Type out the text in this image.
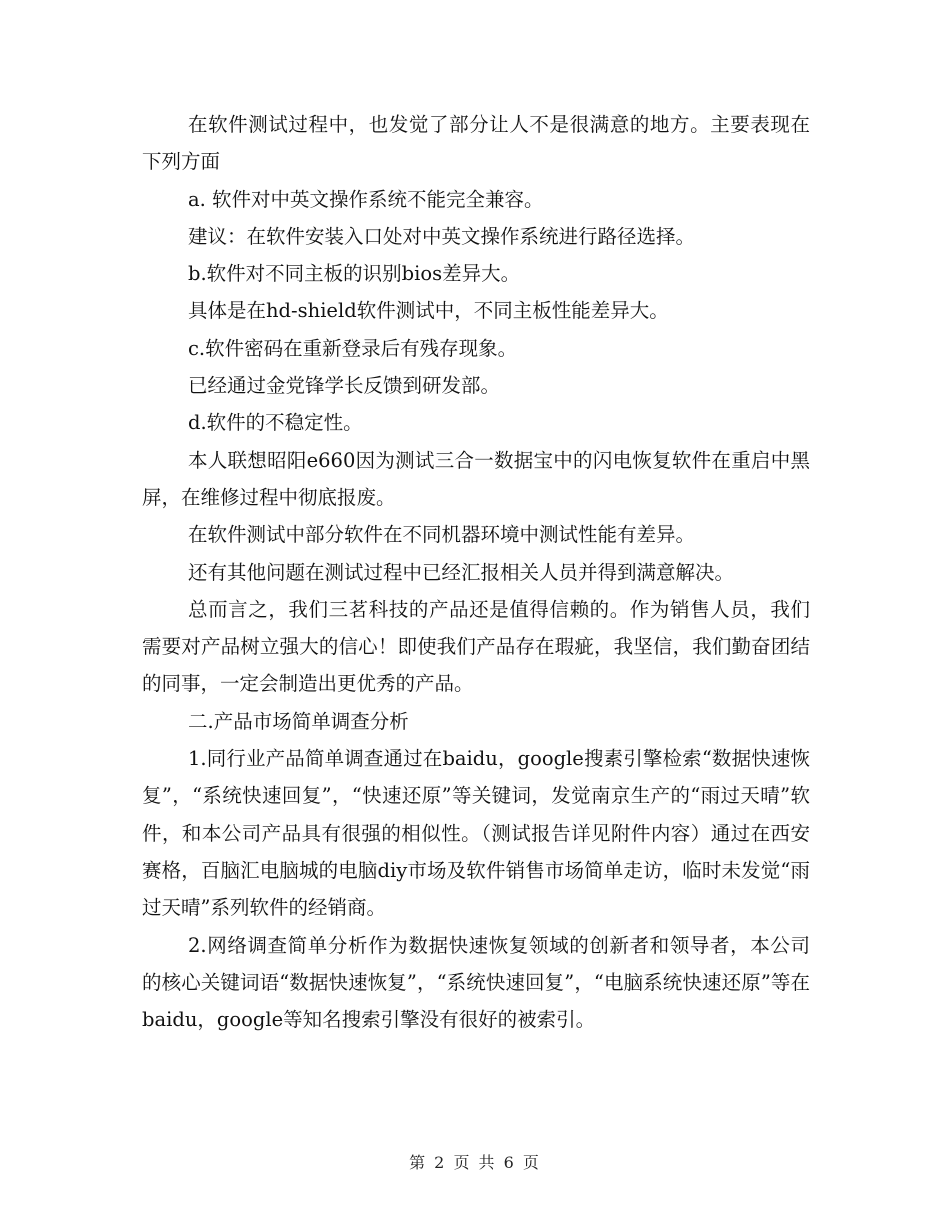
在软件测试过程中，也发觉了部分让人不是很满意的地方。主要表现在下列方面

a. 软件对中英文操作系统不能完全兼容。

建议：在软件安装入口处对中英文操作系统进行路径选择。

b.软件对不同主板的识别bios差异大。

具体是在hd-shield软件测试中，不同主板性能差异大。

c.软件密码在重新登录后有残存现象。

已经通过金党锋学长反馈到研发部。

d.软件的不稳定性。

本人联想昭阳e660因为测试三合一数据宝中的闪电恢复软件在重启中黑屏，在维修过程中彻底报废。

在软件测试中部分软件在不同机器环境中测试性能有差异。

还有其他问题在测试过程中已经汇报相关人员并得到满意解决。

总而言之，我们三茗科技的产品还是值得信赖的。作为销售人员，我们需要对产品树立强大的信心！即使我们产品存在瑕疵，我坚信，我们勤奋团结的同事，一定会制造出更优秀的产品。

二.产品市场简单调查分析

1.同行业产品简单调查通过在baidu，google搜素引擎检索“数据快速恢复”，“系统快速回复”，“快速还原”等关键词，发觉南京生产的“雨过天晴”软件，和本公司产品具有很强的相似性。（测试报告详见附件内容）通过在西安赛格，百脑汇电脑城的电脑diy市场及软件销售市场简单走访，临时未发觉“雨过天晴”系列软件的经销商。

2.网络调查简单分析作为数据快速恢复领域的创新者和领导者，本公司的核心关键词语“数据快速恢复”，“系统快速回复”，“电脑系统快速还原”等在baidu，google等知名搜索引擎没有很好的被索引。

第 2 页 共 6 页
